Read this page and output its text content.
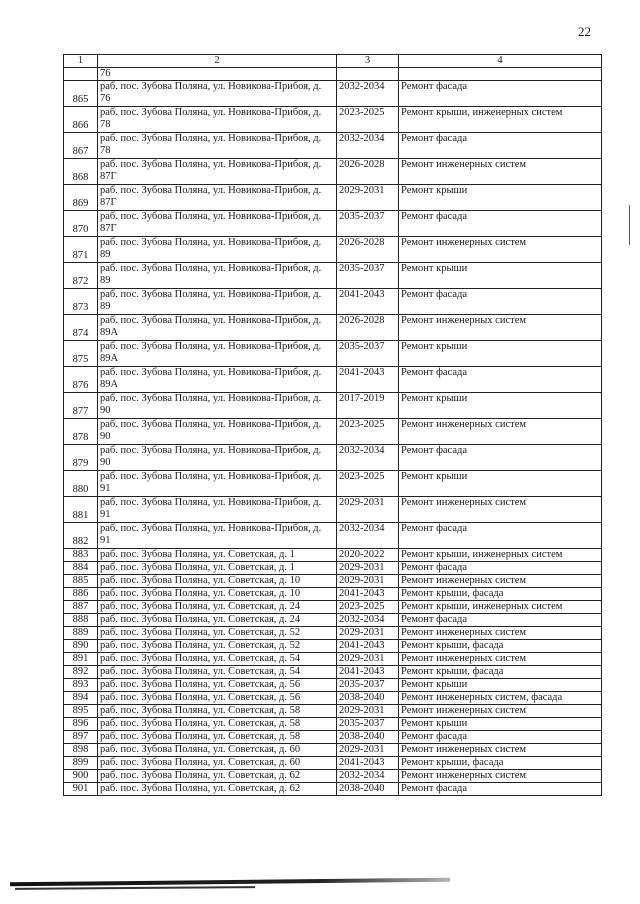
22
1	2	3	4
	76		
865	раб. пос. Зубова Поляна, ул. Новикова-Прибоя, д. 76	2032-2034	Ремонт фасада
866	раб. пос. Зубова Поляна, ул. Новикова-Прибоя, д. 78	2023-2025	Ремонт крыши, инженерных систем
867	раб. пос. Зубова Поляна, ул. Новикова-Прибоя, д. 78	2032-2034	Ремонт фасада
868	раб. пос. Зубова Поляна, ул. Новикова-Прибоя, д. 87Г	2026-2028	Ремонт инженерных систем
869	раб. пос. Зубова Поляна, ул. Новикова-Прибоя, д. 87Г	2029-2031	Ремонт крыши
870	раб. пос. Зубова Поляна, ул. Новикова-Прибоя, д. 87Г	2035-2037	Ремонт фасада
871	раб. пос. Зубова Поляна, ул. Новикова-Прибоя, д. 89	2026-2028	Ремонт инженерных систем
872	раб. пос. Зубова Поляна, ул. Новикова-Прибоя, д. 89	2035-2037	Ремонт крыши
873	раб. пос. Зубова Поляна, ул. Новикова-Прибоя, д. 89	2041-2043	Ремонт фасада
874	раб. пос. Зубова Поляна, ул. Новикова-Прибоя, д. 89А	2026-2028	Ремонт инженерных систем
875	раб. пос. Зубова Поляна, ул. Новикова-Прибоя, д. 89А	2035-2037	Ремонт крыши
876	раб. пос. Зубова Поляна, ул. Новикова-Прибоя, д. 89А	2041-2043	Ремонт фасада
877	раб. пос. Зубова Поляна, ул. Новикова-Прибоя, д. 90	2017-2019	Ремонт крыши
878	раб. пос. Зубова Поляна, ул. Новикова-Прибоя, д. 90	2023-2025	Ремонт инженерных систем
879	раб. пос. Зубова Поляна, ул. Новикова-Прибоя, д. 90	2032-2034	Ремонт фасада
880	раб. пос. Зубова Поляна, ул. Новикова-Прибоя, д. 91	2023-2025	Ремонт крыши
881	раб. пос. Зубова Поляна, ул. Новикова-Прибоя, д. 91	2029-2031	Ремонт инженерных систем
882	раб. пос. Зубова Поляна, ул. Новикова-Прибоя, д. 91	2032-2034	Ремонт фасада
883	раб. пос. Зубова Поляна, ул. Советская, д. 1	2020-2022	Ремонт крыши, инженерных систем
884	раб. пос. Зубова Поляна, ул. Советская, д. 1	2029-2031	Ремонт фасада
885	раб. пос. Зубова Поляна, ул. Советская, д. 10	2029-2031	Ремонт инженерных систем
886	раб. пос. Зубова Поляна, ул. Советская, д. 10	2041-2043	Ремонт крыши, фасада
887	раб. пос. Зубова Поляна, ул. Советская, д. 24	2023-2025	Ремонт крыши, инженерных систем
888	раб. пос. Зубова Поляна, ул. Советская, д. 24	2032-2034	Ремонт фасада
889	раб. пос. Зубова Поляна, ул. Советская, д. 52	2029-2031	Ремонт инженерных систем
890	раб. пос. Зубова Поляна, ул. Советская, д. 52	2041-2043	Ремонт крыши, фасада
891	раб. пос. Зубова Поляна, ул. Советская, д. 54	2029-2031	Ремонт инженерных систем
892	раб. пос. Зубова Поляна, ул. Советская, д. 54	2041-2043	Ремонт крыши, фасада
893	раб. пос. Зубова Поляна, ул. Советская, д. 56	2035-2037	Ремонт крыши
894	раб. пос. Зубова Поляна, ул. Советская, д. 56	2038-2040	Ремонт инженерных систем, фасада
895	раб. пос. Зубова Поляна, ул. Советская, д. 58	2029-2031	Ремонт инженерных систем
896	раб. пос. Зубова Поляна, ул. Советская, д. 58	2035-2037	Ремонт крыши
897	раб. пос. Зубова Поляна, ул. Советская, д. 58	2038-2040	Ремонт фасада
898	раб. пос. Зубова Поляна, ул. Советская, д. 60	2029-2031	Ремонт инженерных систем
899	раб. пос. Зубова Поляна, ул. Советская, д. 60	2041-2043	Ремонт крыши, фасада
900	раб. пос. Зубова Поляна, ул. Советская, д. 62	2032-2034	Ремонт инженерных систем
901	раб. пос. Зубова Поляна, ул. Советская, д. 62	2038-2040	Ремонт фасада
